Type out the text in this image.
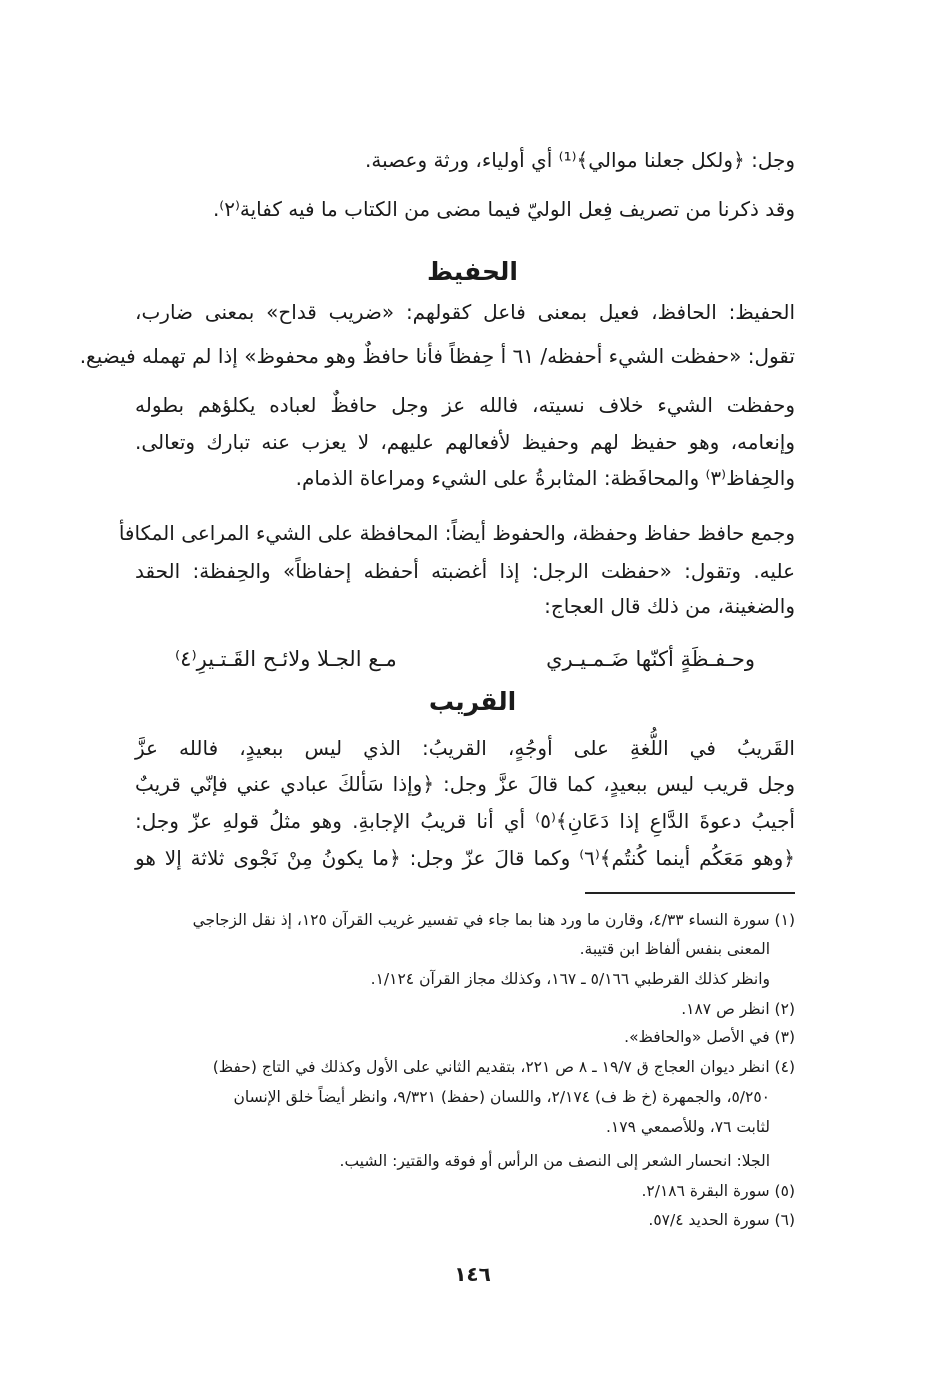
وجل: ﴿ولكل جعلنا موالي﴾⁽¹⁾ أي أولياء، ورثة وعصبة.
وقد ذكرنا من تصريف فِعل الوليّ فيما مضى من الكتاب ما فيه كفاية⁽٢⁾.
الحفيظ
الحفيظ: الحافظ، فعيل بمعنى فاعل كقولهم: «ضريب قداح» بمعنى ضارب،
تقول: «حفظت الشيء أحفظه/ ٦١ أ حِفظاً فأنا حافظٌ وهو محفوظ» إذا لم تهمله فيضيع.
وحفظت الشيء خلاف نسيته، فالله عز وجل حافظٌ لعباده يكلؤهم بطوله
وإنعامه، وهو حفيظ لهم وحفيظ لأفعالهم عليهم، لا يعزب عنه تبارك وتعالى.
والحِفاظ⁽٣⁾ والمحافَظة: المثابرةُ على الشيء ومراعاة الذمام.
وجمع حافظ حفاظ وحفظة، والحفوظ أيضاً: المحافظة على الشيء المراعى المكافأ
عليه. وتقول: «حفظت الرجل: إذا أغضبته أحفظه إحفاظاً» والحِفظة: الحقد
والضغينة، من ذلك قال العجاج:
وحـفـظَةٍ أكنّها ضَـمـيـري
مـع الجـلا ولائـح القَـتـيرِ⁽٤⁾
القريب
القَريبُ في اللُّغةِ على أوجُهٍ، القريبُ: الذي ليس ببعيدٍ، فالله عزَّ
وجل قريب ليس ببعيدٍ، كما قالَ عزَّ وجل: ﴿وإذا سَألكَ عبادي عني فإنّي قريبٌ
أجيبُ دعوةَ الدَّاعِ إذا دَعَانِ﴾⁽٥⁾ أي أنا قريبُ الإجابةِ. وهو مثلُ قولهِ عزّ وجل:
﴿وهو مَعَكُم أينما كُنتُم﴾⁽٦⁾ وكما قالَ عزّ وجل: ﴿ما يكونُ مِنْ نَجْوى ثلاثة إلا هو
(١) سورة النساء ٤/٣٣، وقارن ما ورد هنا بما جاء في تفسير غريب القرآن ١٢٥، إذ نقل الزجاجي
المعنى بنفس ألفاظ ابن قتيبة.
وانظر كذلك القرطبي ٥/١٦٦ ـ ١٦٧، وكذلك مجاز القرآن ١/١٢٤.
(٢) انظر ص ١٨٧.
(٣) في الأصل «والحافظ».
(٤) انظر ديوان العجاج ق ١٩/٧ ـ ٨ ص ٢٢١، بتقديم الثاني على الأول وكذلك في التاج (حفظ)
٥/٢٥٠، والجمهرة (خ ظ ف) ٢/١٧٤، واللسان (حفظ) ٩/٣٢١، وانظر أيضاً خلق الإنسان
لثابت ٧٦، وللأصمعي ١٧٩.
الجلا: انحسار الشعر إلى النصف من الرأس أو فوقه والقتير: الشيب.
(٥) سورة البقرة ٢/١٨٦.
(٦) سورة الحديد ٥٧/٤.
١٤٦
